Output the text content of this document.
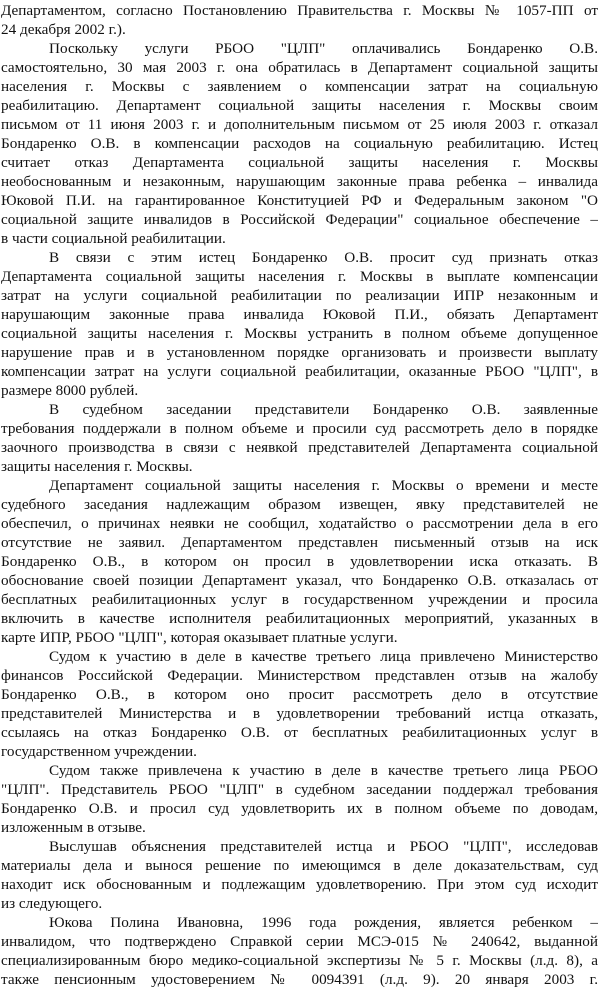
Департаментом, согласно Постановлению Правительства г. Москвы № 1057-ПП от
24 декабря 2002 г.).
Поскольку услуги РБОО "ЦЛП" оплачивались Бондаренко О.В.
самостоятельно, 30 мая 2003 г. она обратилась в Департамент социальной защиты
населения г. Москвы с заявлением о компенсации затрат на социальную
реабилитацию. Департамент социальной защиты населения г. Москвы своим
письмом от 11 июня 2003 г. и дополнительным письмом от 25 июля 2003 г. отказал
Бондаренко О.В. в компенсации расходов на социальную реабилитацию. Истец
считает отказ Департамента социальной защиты населения г. Москвы
необоснованным и незаконным, нарушающим законные права ребенка – инвалида
Юковой П.И. на гарантированное Конституцией РФ и Федеральным законом "О
социальной защите инвалидов в Российской Федерации" социальное обеспечение –
в части социальной реабилитации.
В связи с этим истец Бондаренко О.В. просит суд признать отказ
Департамента социальной защиты населения г. Москвы в выплате компенсации
затрат на услуги социальной реабилитации по реализации ИПР незаконным и
нарушающим законные права инвалида Юковой П.И., обязать Департамент
социальной защиты населения г. Москвы устранить в полном объеме допущенное
нарушение прав и в установленном порядке организовать и произвести выплату
компенсации затрат на услуги социальной реабилитации, оказанные РБОО "ЦЛП", в
размере 8000 рублей.
В судебном заседании представители Бондаренко О.В. заявленные
требования поддержали в полном объеме и просили суд рассмотреть дело в порядке
заочного производства в связи с неявкой представителей Департамента социальной
защиты населения г. Москвы.
Департамент социальной защиты населения г. Москвы о времени и месте
судебного заседания надлежащим образом извещен, явку представителей не
обеспечил, о причинах неявки не сообщил, ходатайство о рассмотрении дела в его
отсутствие не заявил. Департаментом представлен письменный отзыв на иск
Бондаренко О.В., в котором он просил в удовлетворении иска отказать. В
обоснование своей позиции Департамент указал, что Бондаренко О.В. отказалась от
бесплатных реабилитационных услуг в государственном учреждении и просила
включить в качестве исполнителя реабилитационных мероприятий, указанных в
карте ИПР, РБОО "ЦЛП", которая оказывает платные услуги.
Судом к участию в деле в качестве третьего лица привлечено Министерство
финансов Российской Федерации. Министерством представлен отзыв на жалобу
Бондаренко О.В., в котором оно просит рассмотреть дело в отсутствие
представителей Министерства и в удовлетворении требований истца отказать,
ссылаясь на отказ Бондаренко О.В. от бесплатных реабилитационных услуг в
государственном учреждении.
Судом также привлечена к участию в деле в качестве третьего лица РБОО
"ЦЛП". Представитель РБОО "ЦЛП" в судебном заседании поддержал требования
Бондаренко О.В. и просил суд удовлетворить их в полном объеме по доводам,
изложенным в отзыве.
Выслушав объяснения представителей истца и РБОО "ЦЛП", исследовав
материалы дела и вынося решение по имеющимся в деле доказательствам, суд
находит иск обоснованным и подлежащим удовлетворению. При этом суд исходит
из следующего.
Юкова Полина Ивановна, 1996 года рождения, является ребенком –
инвалидом, что подтверждено Справкой серии МСЭ-015 № 240642, выданной
специализированным бюро медико-социальной экспертизы № 5 г. Москвы (л.д. 8), а
также пенсионным удостоверением № 0094391 (л.д. 9). 20 января 2003 г.
